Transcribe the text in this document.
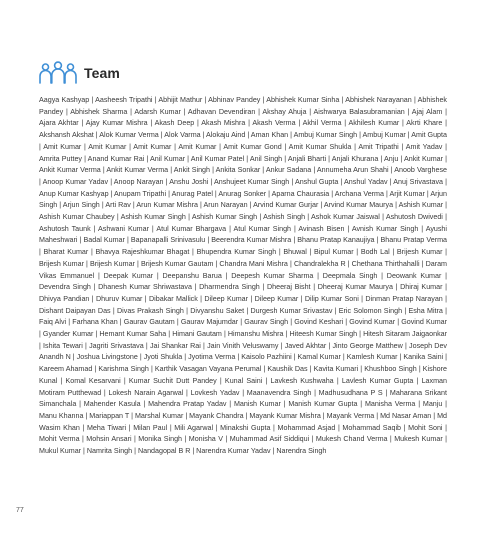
Team

Aagya Kashyap | Aasheesh Tripathi | Abhijit Mathur | Abhinav Pandey | Abhishek Kumar Sinha | Abhishek Narayanan | Abhishek Pandey | Abhishek Sharma | Adarsh Kumar | Adhavan Devendiran | Akshay Ahuja | Aishwarya Balasubramanian | Ajaj Alam | Ajara Akhtar | Ajay Kumar Mishra | Akash Deep | Akash Mishra | Akash Verma | Akhil Verma | Akhilesh Kumar | Akrti Khare | Akshansh Akshat | Alok Kumar Verma | Alok Varma | Alokaju Aind | Aman Khan | Ambuj Kumar Singh | Ambuj Kumar | Amit Gupta | Amit Kumar | Amit Kumar | Amit Kumar | Amit Kumar | Amit Kumar Gond | Amit Kumar Shukla | Amit Tripathi | Amit Yadav | Amrita Puttey | Anand Kumar Rai | Anil Kumar | Anil Kumar Patel | Anil Singh | Anjali Bharti | Anjali Khurana | Anju | Ankit Kumar | Ankit Kumar Verma | Ankit Kumar Verma | Ankit Singh | Ankita Sonkar | Ankur Sadana | Annumeha Arun Shahi | Anoob Varghese | Anoop Kumar Yadav | Anoop Narayan | Anshu Joshi | Anshujeet Kumar Singh | Anshul Gupta | Anshul Yadav | Anuj Srivastava | Anup Kumar Kashyap | Anupam Tripathi | Anurag Patel | Anurag Sonker | Aparna Chaurasia | Archana Verma | Arjit Kumar | Arjun Singh | Arjun Singh | Arti Rav | Arun Kumar Mishra | Arun Narayan | Arvind Kumar Gurjar | Arvind Kumar Maurya | Ashish Kumar | Ashish Kumar Chaubey | Ashish Kumar Singh | Ashish Kumar Singh | Ashish Singh | Ashok Kumar Jaiswal | Ashutosh Dwivedi | Ashutosh Taunk | Ashwani Kumar | Atul Kumar Bhargava | Atul Kumar Singh | Avinash Bisen | Avnish Kumar Singh | Ayushi Maheshwari | Badal Kumar | Bapanapalli Srinivasulu | Beerendra Kumar Mishra | Bhanu Pratap Kanaujiya | Bhanu Pratap Verma | Bharat Kumar | Bhavya Rajeshkumar Bhagat | Bhupendra Kumar Singh | Bhuwal | Bipul Kumar | Bodh Lal | Brijesh Kumar | Brijesh Kumar | Brijesh Kumar | Brijesh Kumar Gautam | Chandra Mani Mishra | Chandralekha R | Chethana Thirthahalli | Daram Vikas Emmanuel | Deepak Kumar | Deepanshu Barua | Deepesh Kumar Sharma | Deepmala Singh | Deowank Kumar | Devendra Singh | Dhanesh Kumar Shriwastava | Dharmendra Singh | Dheeraj Bisht | Dheeraj Kumar Maurya | Dhiraj Kumar | Dhivya Pandian | Dhuruv Kumar | Dibakar Mallick | Dileep Kumar | Dileep Kumar | Dilip Kumar Soni | Dinman Pratap Narayan | Dishant Daipayan Das | Divas Prakash Singh | Divyanshu Saket | Durgesh Kumar Srivastav | Eric Solomon Singh | Esha Mitra | Faiq Alvi | Farhana Khan | Gaurav Gautam | Gaurav Majumdar | Gaurav Singh | Govind Keshari | Govind Kumar | Govind Kumar | Gyander Kumar | Hemant Kumar Saha | Himani Gautam | Himanshu Mishra | Hiteesh Kumar Singh | Hitesh Sitaram Jaigaonkar | Ishita Tewari | Jagriti Srivastava | Jai Shankar Rai | Jain Vinith Veluswamy | Javed Akhtar | Jinto George Matthew | Joseph Dev Anandh N | Joshua Livingstone | Jyoti Shukla | Jyotima Verma | Kaisolo Pazhiini | Kamal Kumar | Kamlesh Kumar | Kanika Saini | Kareem Ahamad | Karishma Singh | Karthik Vasagan Vayana Perumal | Kaushik Das | Kavita Kumari | Khushboo Singh | Kishore Kunal | Komal Kesarvani | Kumar Suchit Dutt Pandey | Kunal Saini | Lavkesh Kushwaha | Lavlesh Kumar Gupta | Laxman Motiram Putthewad | Lokesh Narain Agarwal | Lovkesh Yadav | Maanavendra Singh | Madhusudhana P S | Maharana Srikant Simanchala | Mahender Kasula | Mahendra Pratap Yadav | Manish Kumar | Manish Kumar Gupta | Manisha Verma | Manju | Manu Khanna | Mariappan T | Marshal Kumar | Mayank Chandra | Mayank Kumar Mishra | Mayank Verma | Md Nasar Aman | Md Wasim Khan | Meha Tiwari | Milan Paul | Mili Agarwal | Minakshi Gupta | Mohammad Asjad | Mohammad Saqib | Mohit Soni | Mohit Verma | Mohsin Ansari | Monika Singh | Monisha V | Muhammad Asif Siddiqui | Mukesh Chand Verma | Mukesh Kumar | Mukul Kumar | Namrita Singh | Nandagopal B R | Narendra Kumar Yadav | Narendra Singh

77
